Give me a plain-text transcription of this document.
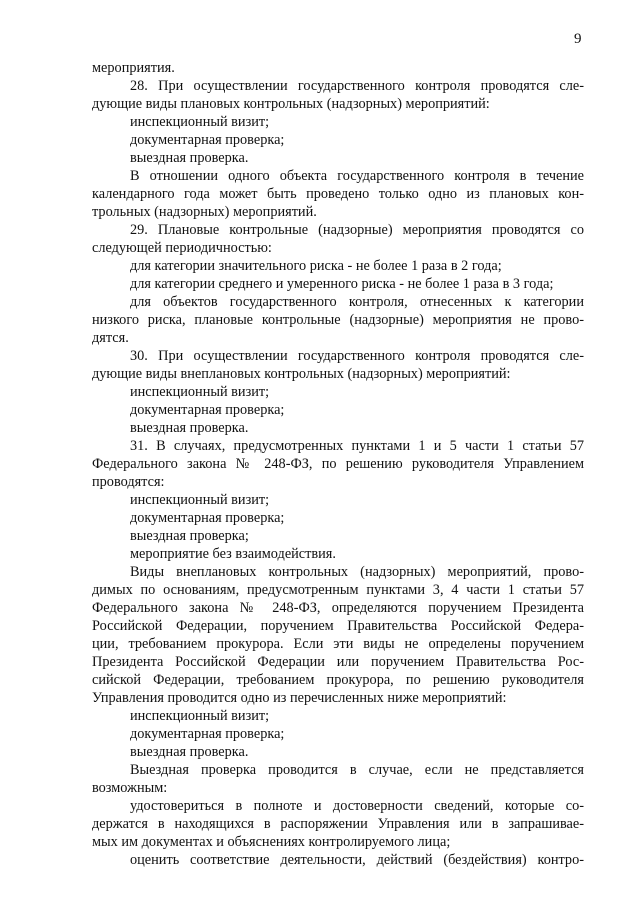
9
мероприятия.
28. При осуществлении государственного контроля проводятся сле-
дующие виды плановых контрольных (надзорных) мероприятий:
инспекционный визит;
документарная проверка;
выездная проверка.
В отношении одного объекта государственного контроля в течение
календарного года может быть проведено только одно из плановых кон-
трольных (надзорных) мероприятий.
29. Плановые контрольные (надзорные) мероприятия проводятся со
следующей периодичностью:
для категории значительного риска - не более 1 раза в 2 года;
для категории среднего и умеренного риска - не более 1 раза в 3 года;
для объектов государственного контроля, отнесенных к категории
низкого риска, плановые контрольные (надзорные) мероприятия не прово-
дятся.
30. При осуществлении государственного контроля проводятся сле-
дующие виды внеплановых контрольных (надзорных) мероприятий:
инспекционный визит;
документарная проверка;
выездная проверка.
31. В случаях, предусмотренных пунктами 1 и 5 части 1 статьи 57
Федерального закона № 248-ФЗ, по решению руководителя Управлением
проводятся:
инспекционный визит;
документарная проверка;
выездная проверка;
мероприятие без взаимодействия.
Виды внеплановых контрольных (надзорных) мероприятий, прово-
димых по основаниям, предусмотренным пунктами 3, 4 части 1 статьи 57
Федерального закона № 248-ФЗ, определяются поручением Президента
Российской Федерации, поручением Правительства Российской Федера-
ции, требованием прокурора. Если эти виды не определены поручением
Президента Российской Федерации или поручением Правительства Рос-
сийской Федерации, требованием прокурора, по решению руководителя
Управления проводится одно из перечисленных ниже мероприятий:
инспекционный визит;
документарная проверка;
выездная проверка.
Выездная проверка проводится в случае, если не представляется
возможным:
удостовериться в полноте и достоверности сведений, которые со-
держатся в находящихся в распоряжении Управления или в запрашивае-
мых им документах и объяснениях контролируемого лица;
оценить соответствие деятельности, действий (бездействия) контро-
